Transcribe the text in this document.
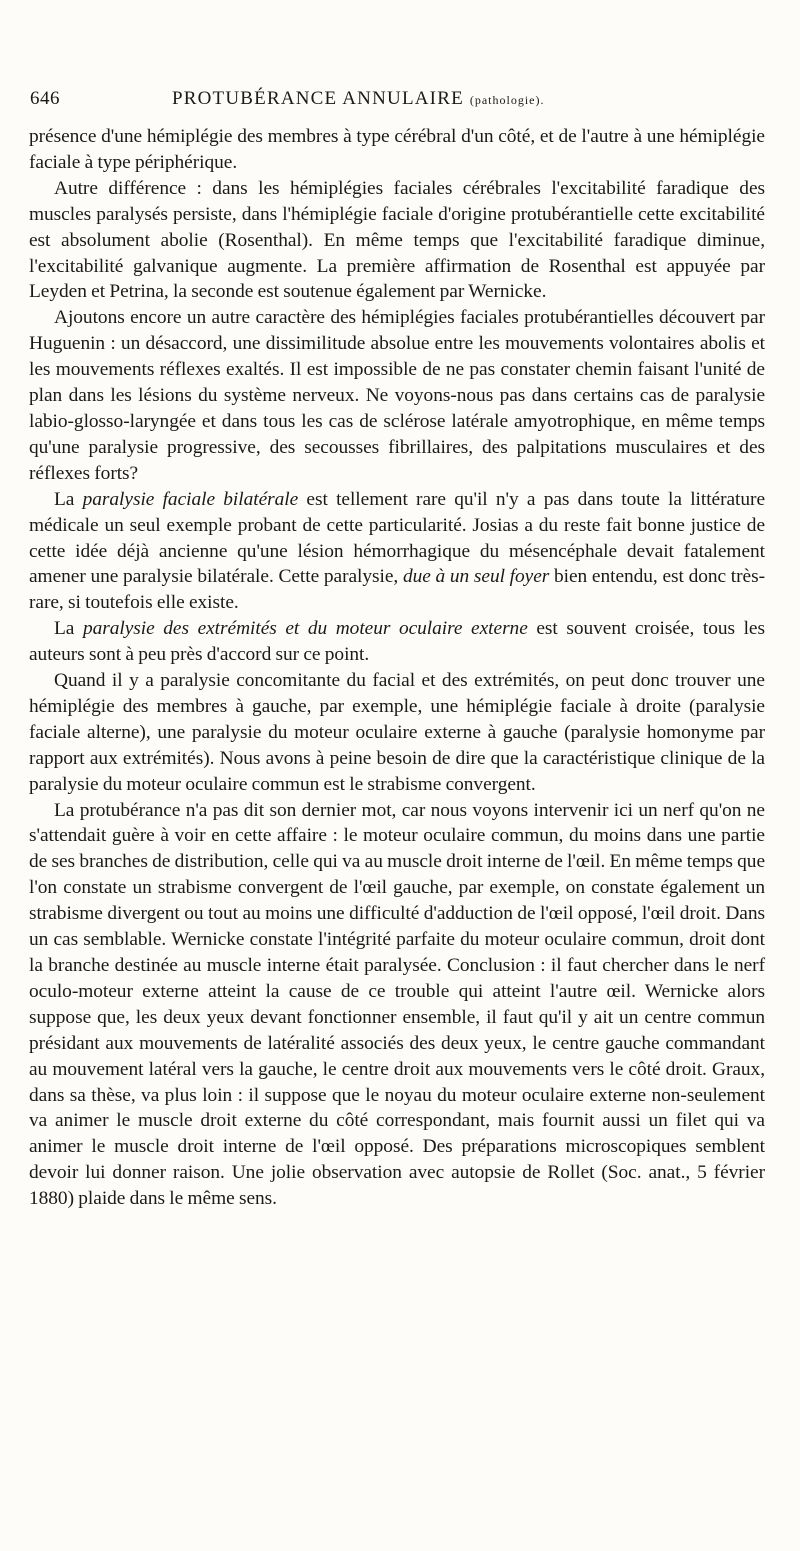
646	PROTUBÉRANCE ANNULAIRE (pathologie).

présence d'une hémiplégie des membres à type cérébral d'un côté, et de l'autre à une hémiplégie faciale à type périphérique.

Autre différence : dans les hémiplégies faciales cérébrales l'excitabilité faradique des muscles paralysés persiste, dans l'hémiplégie faciale d'origine protubérantielle cette excitabilité est absolument abolie (Rosenthal). En même temps que l'excitabilité faradique diminue, l'excitabilité galvanique augmente. La première affirmation de Rosenthal est appuyée par Leyden et Petrina, la seconde est soutenue également par Wernicke.

Ajoutons encore un autre caractère des hémiplégies faciales protubérantielles découvert par Huguenin : un désaccord, une dissimilitude absolue entre les mouvements volontaires abolis et les mouvements réflexes exaltés. Il est impossible de ne pas constater chemin faisant l'unité de plan dans les lésions du système nerveux. Ne voyons-nous pas dans certains cas de paralysie labio-glosso-laryngée et dans tous les cas de sclérose latérale amyotrophique, en même temps qu'une paralysie progressive, des secousses fibrillaires, des palpitations musculaires et des réflexes forts?

La paralysie faciale bilatérale est tellement rare qu'il n'y a pas dans toute la littérature médicale un seul exemple probant de cette particularité. Josias a du reste fait bonne justice de cette idée déjà ancienne qu'une lésion hémorrhagique du mésencéphale devait fatalement amener une paralysie bilatérale. Cette paralysie, due à un seul foyer bien entendu, est donc très-rare, si toutefois elle existe.

La paralysie des extrémités et du moteur oculaire externe est souvent croisée, tous les auteurs sont à peu près d'accord sur ce point.

Quand il y a paralysie concomitante du facial et des extrémités, on peut donc trouver une hémiplégie des membres à gauche, par exemple, une hémiplégie faciale à droite (paralysie faciale alterne), une paralysie du moteur oculaire externe à gauche (paralysie homonyme par rapport aux extrémités). Nous avons à peine besoin de dire que la caractéristique clinique de la paralysie du moteur oculaire commun est le strabisme convergent.

La protubérance n'a pas dit son dernier mot, car nous voyons intervenir ici un nerf qu'on ne s'attendait guère à voir en cette affaire : le moteur oculaire commun, du moins dans une partie de ses branches de distribution, celle qui va au muscle droit interne de l'œil. En même temps que l'on constate un strabisme convergent de l'œil gauche, par exemple, on constate également un strabisme divergent ou tout au moins une difficulté d'adduction de l'œil opposé, l'œil droit. Dans un cas semblable. Wernicke constate l'intégrité parfaite du moteur oculaire commun, droit dont la branche destinée au muscle interne était paralysée. Conclusion : il faut chercher dans le nerf oculo-moteur externe atteint la cause de ce trouble qui atteint l'autre œil. Wernicke alors suppose que, les deux yeux devant fonctionner ensemble, il faut qu'il y ait un centre commun présidant aux mouvements de latéralité associés des deux yeux, le centre gauche commandant au mouvement latéral vers la gauche, le centre droit aux mouvements vers le côté droit. Graux, dans sa thèse, va plus loin : il suppose que le noyau du moteur oculaire externe non-seulement va animer le muscle droit externe du côté correspondant, mais fournit aussi un filet qui va animer le muscle droit interne de l'œil opposé. Des préparations microscopiques semblent devoir lui donner raison. Une jolie observation avec autopsie de Rollet (Soc. anat., 5 février 1880) plaide dans le même sens.
